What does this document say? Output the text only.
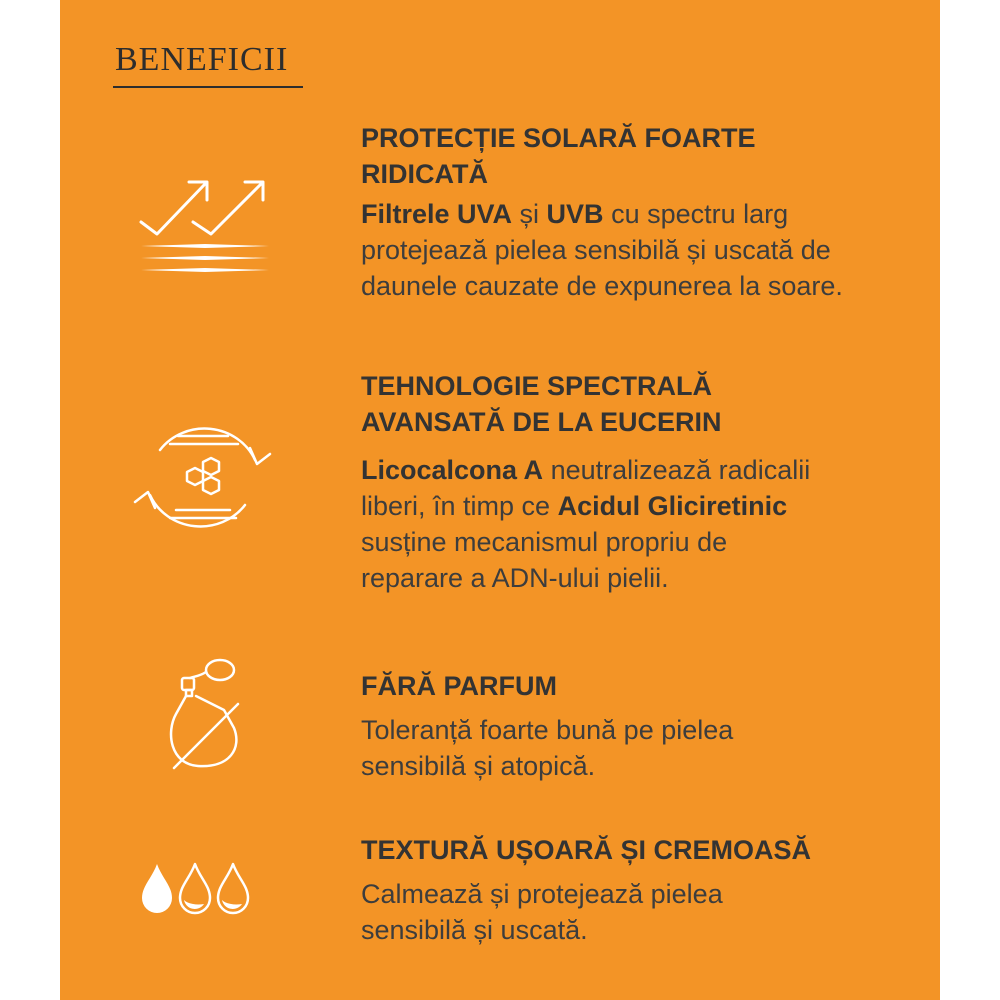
BENEFICII
PROTECȚIE SOLARĂ FOARTE RIDICATĂ

Filtrele UVA și UVB cu spectru larg protejează pielea sensibilă și uscată de daunele cauzate de expunerea la soare.

TEHNOLOGIE SPECTRALĂ AVANSATĂ DE LA EUCERIN

Licocalcona A neutralizează radicalii liberi, în timp ce Acidul Gliciretinic susține mecanismul propriu de reparare a ADN-ului pielii.

FĂRĂ PARFUM

Toleranță foarte bună pe pielea sensibilă și atopică.

TEXTURĂ UȘOARĂ ȘI CREMOASĂ

Calmează și protejează pielea sensibilă și uscată.
